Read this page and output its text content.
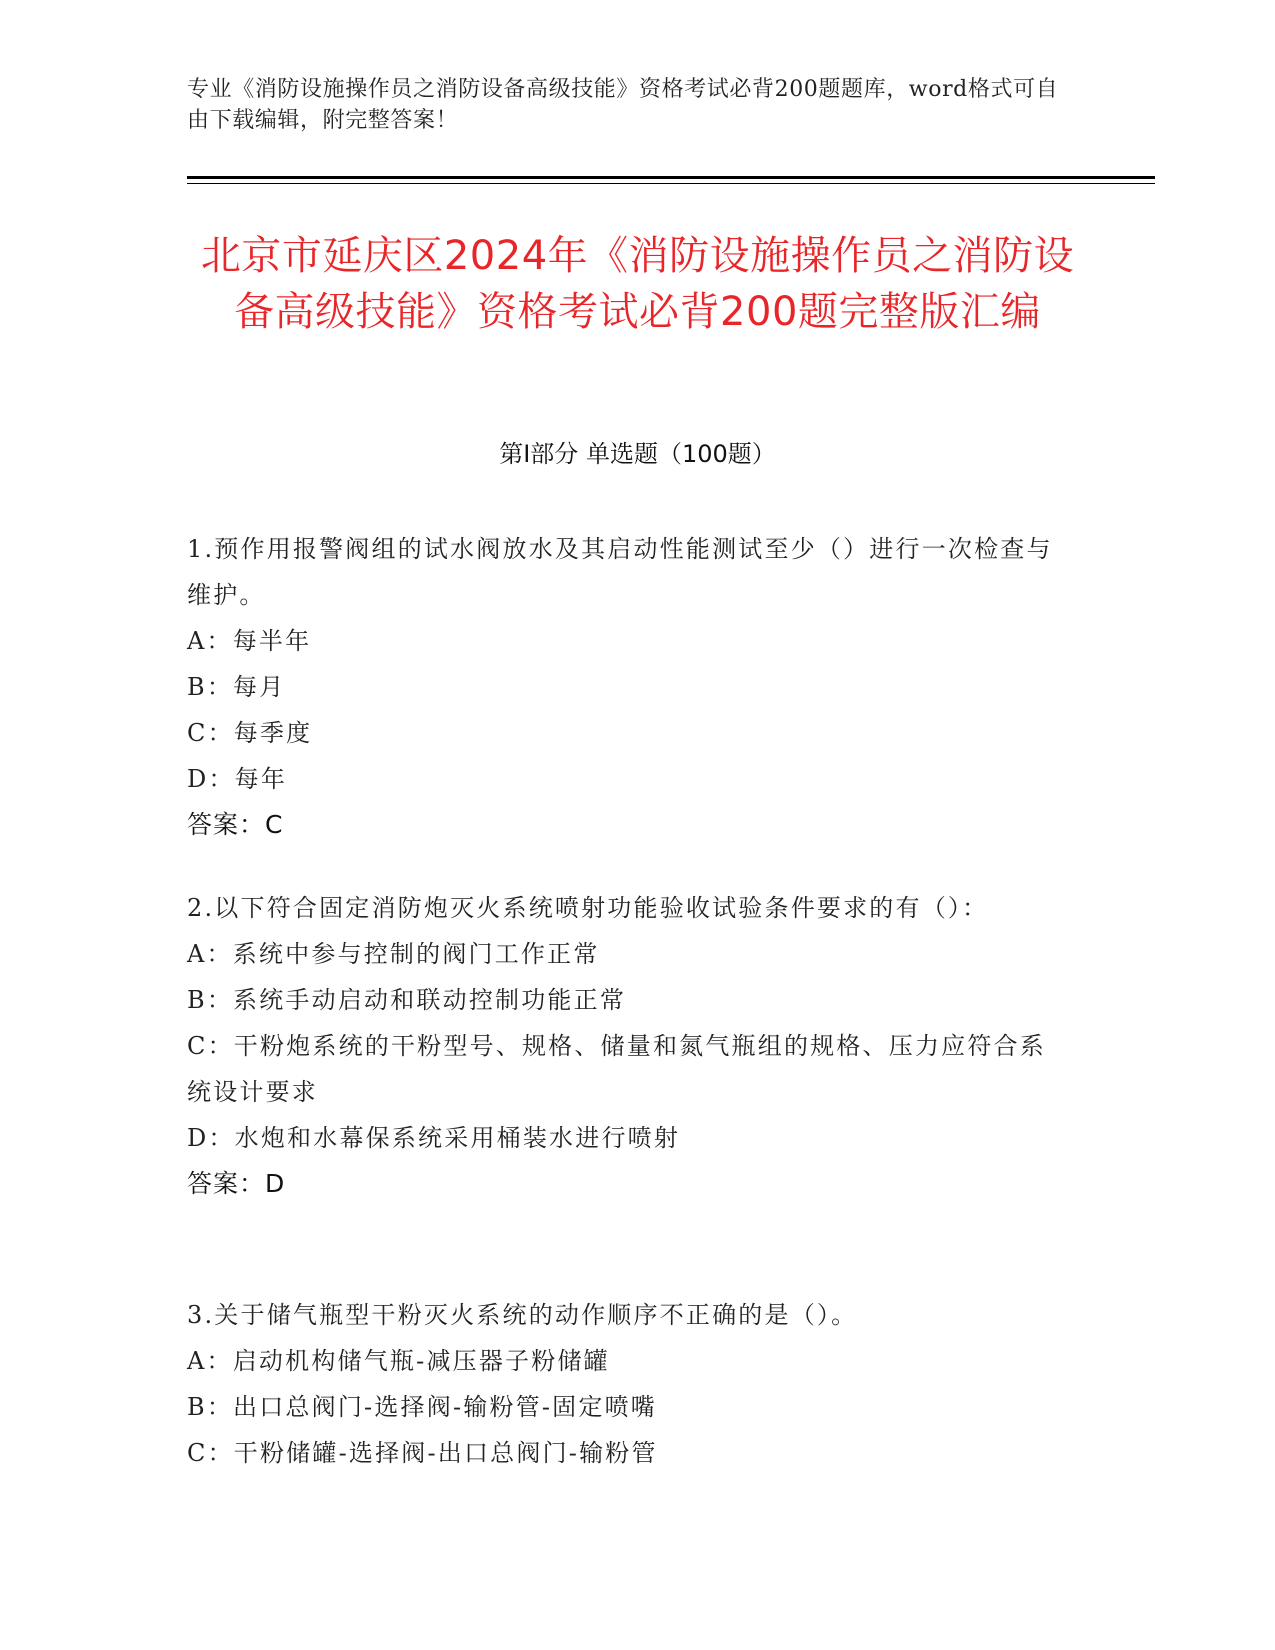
专业《消防设施操作员之消防设备高级技能》资格考试必背200题题库，word格式可自由下载编辑，附完整答案！
北京市延庆区2024年《消防设施操作员之消防设备高级技能》资格考试必背200题完整版汇编
第Ⅰ部分 单选题（100题）

1.预作用报警阀组的试水阀放水及其启动性能测试至少（）进行一次检查与维护。

A：每半年

B：每月

C：每季度

D：每年

答案：C

2.以下符合固定消防炮灭火系统喷射功能验收试验条件要求的有（）：

A：系统中参与控制的阀门工作正常

B：系统手动启动和联动控制功能正常

C：干粉炮系统的干粉型号、规格、储量和氮气瓶组的规格、压力应符合系统设计要求

D：水炮和水幕保系统采用桶装水进行喷射

答案：D

3.关于储气瓶型干粉灭火系统的动作顺序不正确的是（）。

A：启动机构储气瓶-减压器子粉储罐

B：出口总阀门-选择阀-输粉管-固定喷嘴

C：干粉储罐-选择阀-出口总阀门-输粉管
